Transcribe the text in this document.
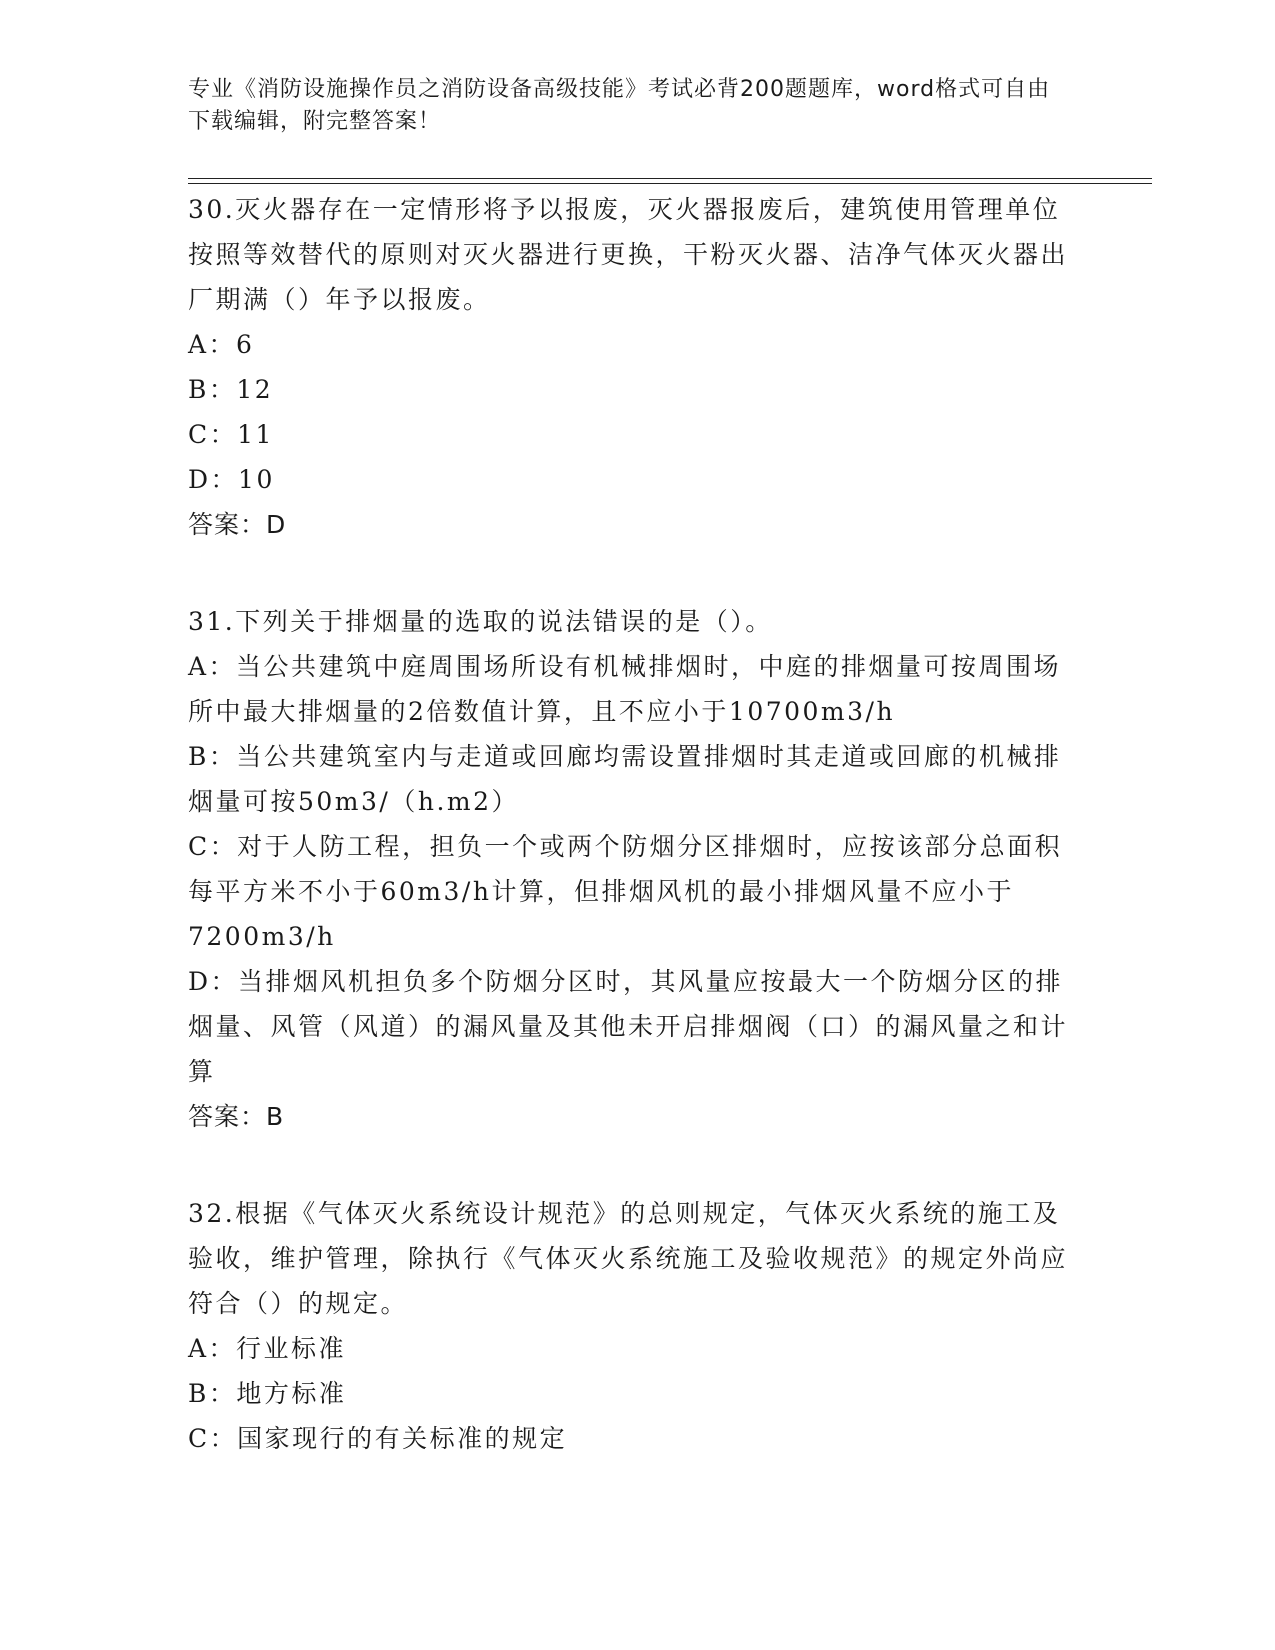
专业《消防设施操作员之消防设备高级技能》考试必背200题题库，word格式可自由下载编辑，附完整答案！

30.灭火器存在一定情形将予以报废，灭火器报废后，建筑使用管理单位按照等效替代的原则对灭火器进行更换，干粉灭火器、洁净气体灭火器出厂期满（）年予以报废。

A：6

B：12

C：11

D：10

答案：D

31.下列关于排烟量的选取的说法错误的是（）。

A：当公共建筑中庭周围场所设有机械排烟时，中庭的排烟量可按周围场所中最大排烟量的2倍数值计算，且不应小于10700m3/h

B：当公共建筑室内与走道或回廊均需设置排烟时其走道或回廊的机械排烟量可按50m3/（h.m2）

C：对于人防工程，担负一个或两个防烟分区排烟时，应按该部分总面积每平方米不小于60m3/h计算，但排烟风机的最小排烟风量不应小于7200m3/h

D：当排烟风机担负多个防烟分区时，其风量应按最大一个防烟分区的排烟量、风管（风道）的漏风量及其他未开启排烟阀（口）的漏风量之和计算

答案：B

32.根据《气体灭火系统设计规范》的总则规定，气体灭火系统的施工及验收，维护管理，除执行《气体灭火系统施工及验收规范》的规定外尚应符合（）的规定。

A：行业标准

B：地方标准

C：国家现行的有关标准的规定
